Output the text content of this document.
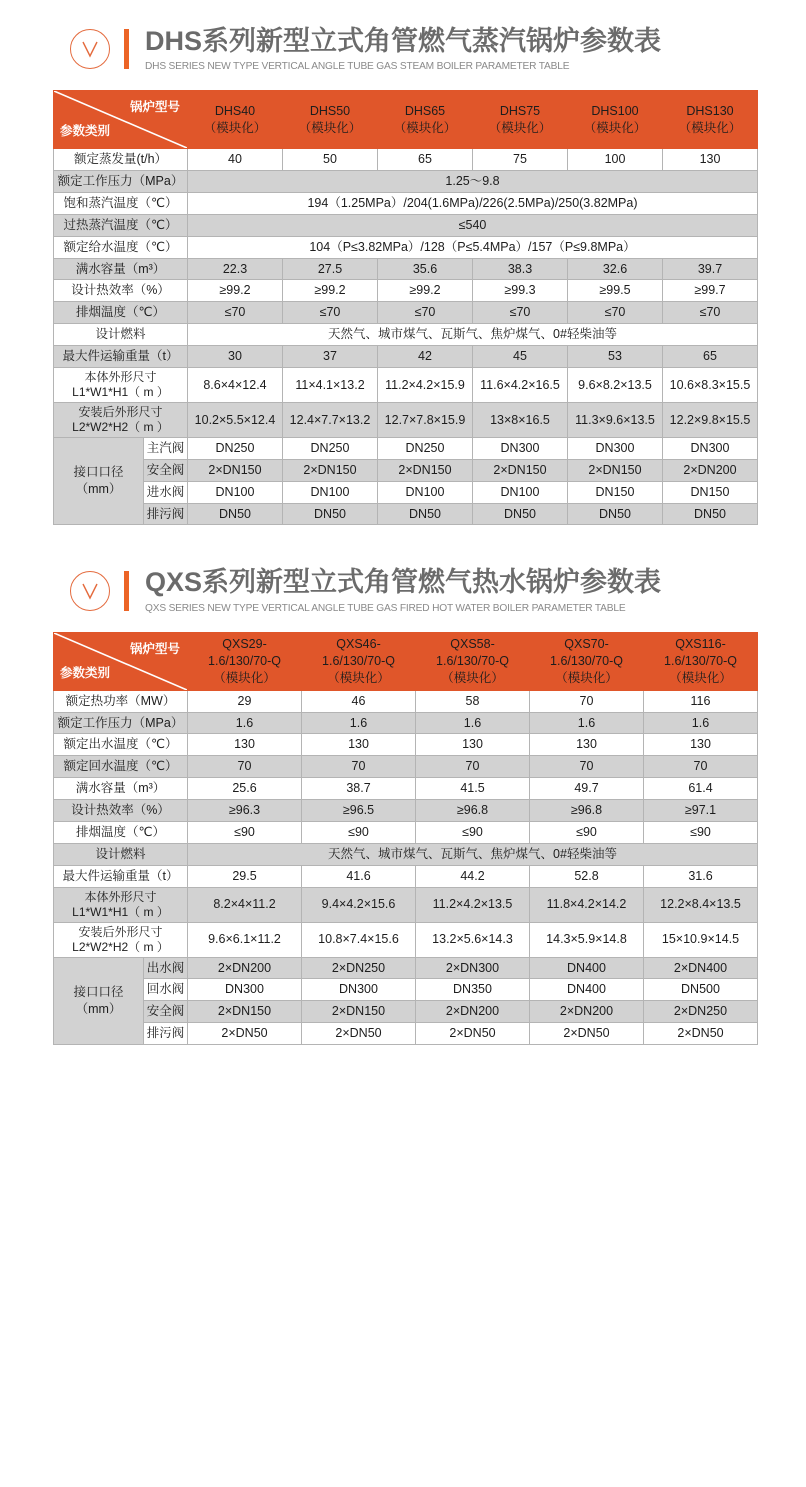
DHS系列新型立式角管燃气蒸汽锅炉参数表
DHS SERIES NEW TYPE VERTICAL ANGLE TUBE GAS STEAM BOILER PARAMETER TABLE
锅炉型号
参数类别
	DHS40
（模块化）	DHS50
（模块化）	DHS65
（模块化）	DHS75
（模块化）	DHS100
（模块化）	DHS130
（模块化）
额定蒸发量(t/h）		40	50	65	75	100	130
额定工作压力（MPa）		1.25～9.8					
饱和蒸汽温度（℃）		194（1.25MPa）/204(1.6MPa)/226(2.5MPa)/250(3.82MPa)					
过热蒸汽温度（℃）		≤540					
额定给水温度（℃）		104（P≤3.82MPa）/128（P≤5.4MPa）/157（P≤9.8MPa）					
满水容量（m³）		22.3	27.5	35.6	38.3	32.6	39.7
设计热效率（%）		≥99.2	≥99.2	≥99.2	≥99.3	≥99.5	≥99.7
排烟温度（℃）		≤70	≤70	≤70	≤70	≤70	≤70
设计燃料		天然气、城市煤气、瓦斯气、焦炉煤气、0#轻柴油等					
最大件运输重量（t）		30	37	42	45	53	65
本体外形尺寸
L1*W1*H1（ m ）		8.6×4×12.4	11×4.1×13.2	11.2×4.2×15.9	11.6×4.2×16.5	9.6×8.2×13.5	10.6×8.3×15.5
安装后外形尺寸
L2*W2*H2（ m ）		10.2×5.5×12.4	12.4×7.7×13.2	12.7×7.8×15.9	13×8×16.5	11.3×9.6×13.5	12.2×9.8×15.5
接口口径（mm）	主汽阀	DN250	DN250	DN250	DN300	DN300	DN300
	安全阀	2×DN150	2×DN150	2×DN150	2×DN150	2×DN150	2×DN200
	进水阀	DN100	DN100	DN100	DN100	DN150	DN150
	排污阀	DN50	DN50	DN50	DN50	DN50	DN50
QXS系列新型立式角管燃气热水锅炉参数表
QXS SERIES NEW TYPE VERTICAL ANGLE TUBE GAS FIRED HOT WATER BOILER PARAMETER TABLE
锅炉型号
参数类别
	QXS29-
1.6/130/70-Q
（模块化）	QXS46-
1.6/130/70-Q
（模块化）	QXS58-
1.6/130/70-Q
（模块化）	QXS70-
1.6/130/70-Q
（模块化）	QXS116-
1.6/130/70-Q
（模块化）
额定热功率（MW）		29	46	58	70	116
额定工作压力（MPa）		1.6	1.6	1.6	1.6	1.6
额定出水温度（℃）		130	130	130	130	130
额定回水温度（℃）		70	70	70	70	70
满水容量（m³）		25.6	38.7	41.5	49.7	61.4
设计热效率（%）		≥96.3	≥96.5	≥96.8	≥96.8	≥97.1
排烟温度（℃）		≤90	≤90	≤90	≤90	≤90
设计燃料		天然气、城市煤气、瓦斯气、焦炉煤气、0#轻柴油等				
最大件运输重量（t）		29.5	41.6	44.2	52.8	31.6
本体外形尺寸
L1*W1*H1（ m ）		8.2×4×11.2	9.4×4.2×15.6	11.2×4.2×13.5	11.8×4.2×14.2	12.2×8.4×13.5
安装后外形尺寸
L2*W2*H2（ m ）		9.6×6.1×11.2	10.8×7.4×15.6	13.2×5.6×14.3	14.3×5.9×14.8	15×10.9×14.5
接口口径（mm）	出水阀	2×DN200	2×DN250	2×DN300	DN400	2×DN400
	回水阀	DN300	DN300	DN350	DN400	DN500
	安全阀	2×DN150	2×DN150	2×DN200	2×DN200	2×DN250
	排污阀	2×DN50	2×DN50	2×DN50	2×DN50	2×DN50
